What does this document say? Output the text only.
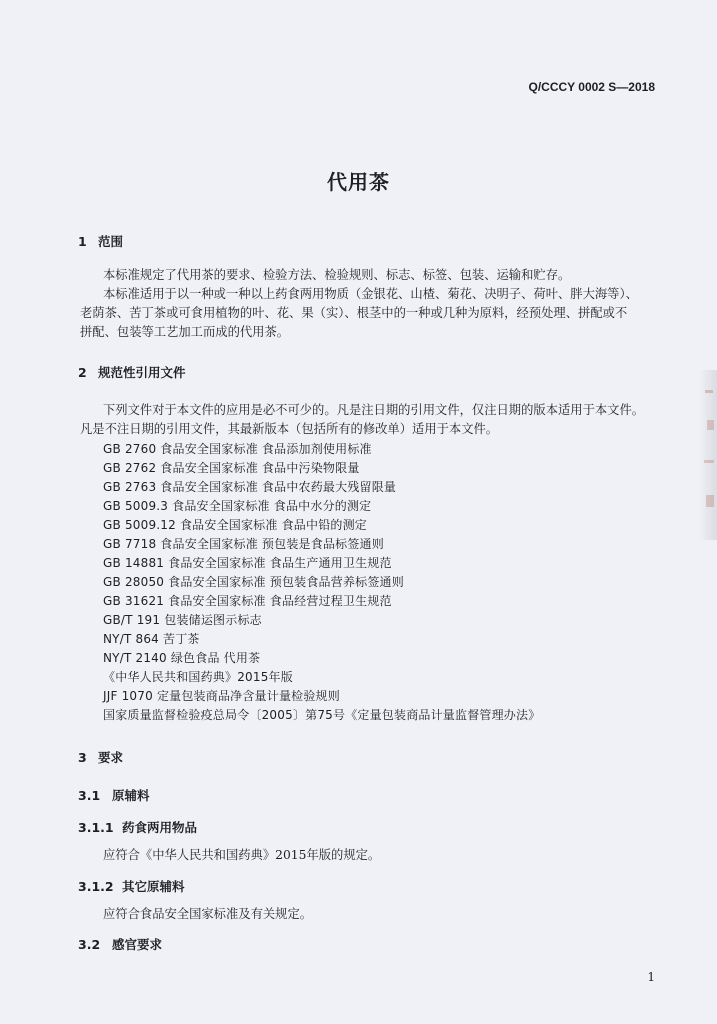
Q/CCCY 0002 S—2018
代用茶
1 范围
本标准规定了代用茶的要求、检验方法、检验规则、标志、标签、包装、运输和贮存。
本标准适用于以一种或一种以上药食两用物质（金银花、山楂、菊花、决明子、荷叶、胖大海等）、
老荫茶、苦丁茶或可食用植物的叶、花、果（实）、根茎中的一种或几种为原料，经预处理、拼配或不
拼配、包装等工艺加工而成的代用茶。
2 规范性引用文件
下列文件对于本文件的应用是必不可少的。凡是注日期的引用文件，仅注日期的版本适用于本文件。
凡是不注日期的引用文件，其最新版本（包括所有的修改单）适用于本文件。
GB 2760 食品安全国家标准 食品添加剂使用标准
GB 2762 食品安全国家标准 食品中污染物限量
GB 2763 食品安全国家标准 食品中农药最大残留限量
GB 5009.3 食品安全国家标准 食品中水分的测定
GB 5009.12 食品安全国家标准 食品中铅的测定
GB 7718 食品安全国家标准 预包装是食品标签通则
GB 14881 食品安全国家标准 食品生产通用卫生规范
GB 28050 食品安全国家标准 预包装食品营养标签通则
GB 31621 食品安全国家标准 食品经营过程卫生规范
GB/T 191 包装储运图示标志
NY/T 864 苦丁茶
NY/T 2140 绿色食品 代用茶
《中华人民共和国药典》2015年版
JJF 1070 定量包装商品净含量计量检验规则
国家质量监督检验疫总局令〔2005〕第75号《定量包装商品计量监督管理办法》
3 要求
3.1 原辅料
3.1.1 药食两用物品
应符合《中华人民共和国药典》2015年版的规定。
3.1.2 其它原辅料
应符合食品安全国家标准及有关规定。
3.2 感官要求
1
